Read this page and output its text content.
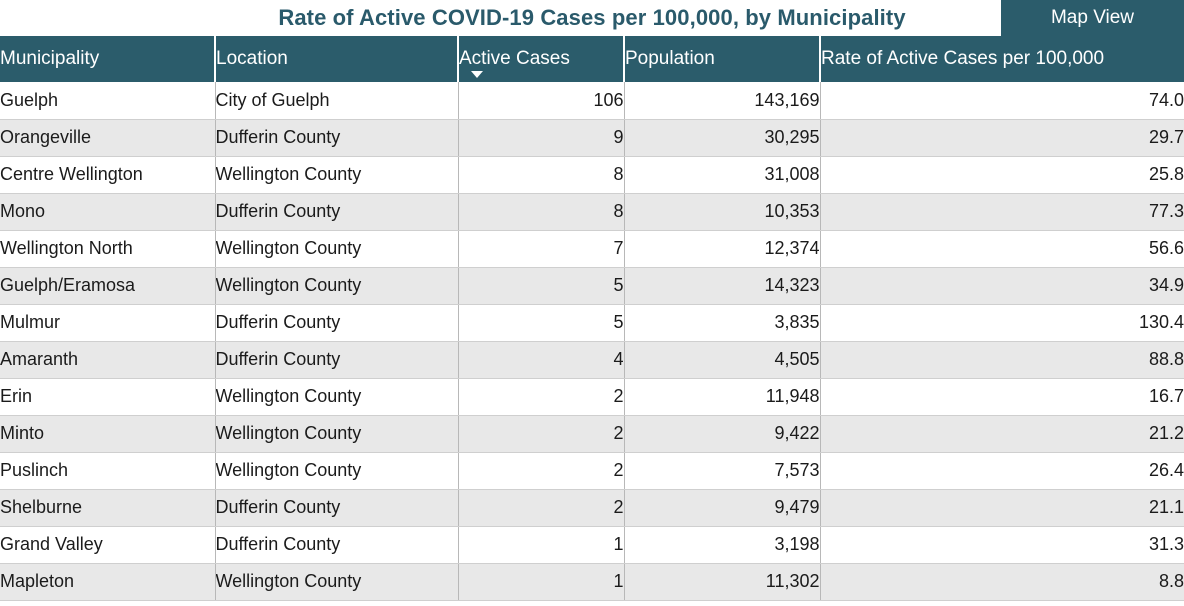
Rate of Active COVID-19 Cases per 100,000, by Municipality	Map View
Municipality	Location	Active Cases	Population	Rate of Active Cases per 100,000
Guelph	City of Guelph	106	143,169	74.0
Orangeville	Dufferin County	9	30,295	29.7
Centre Wellington	Wellington County	8	31,008	25.8
Mono	Dufferin County	8	10,353	77.3
Wellington North	Wellington County	7	12,374	56.6
Guelph/Eramosa	Wellington County	5	14,323	34.9
Mulmur	Dufferin County	5	3,835	130.4
Amaranth	Dufferin County	4	4,505	88.8
Erin	Wellington County	2	11,948	16.7
Minto	Wellington County	2	9,422	21.2
Puslinch	Wellington County	2	7,573	26.4
Shelburne	Dufferin County	2	9,479	21.1
Grand Valley	Dufferin County	1	3,198	31.3
Mapleton	Wellington County	1	11,302	8.8
